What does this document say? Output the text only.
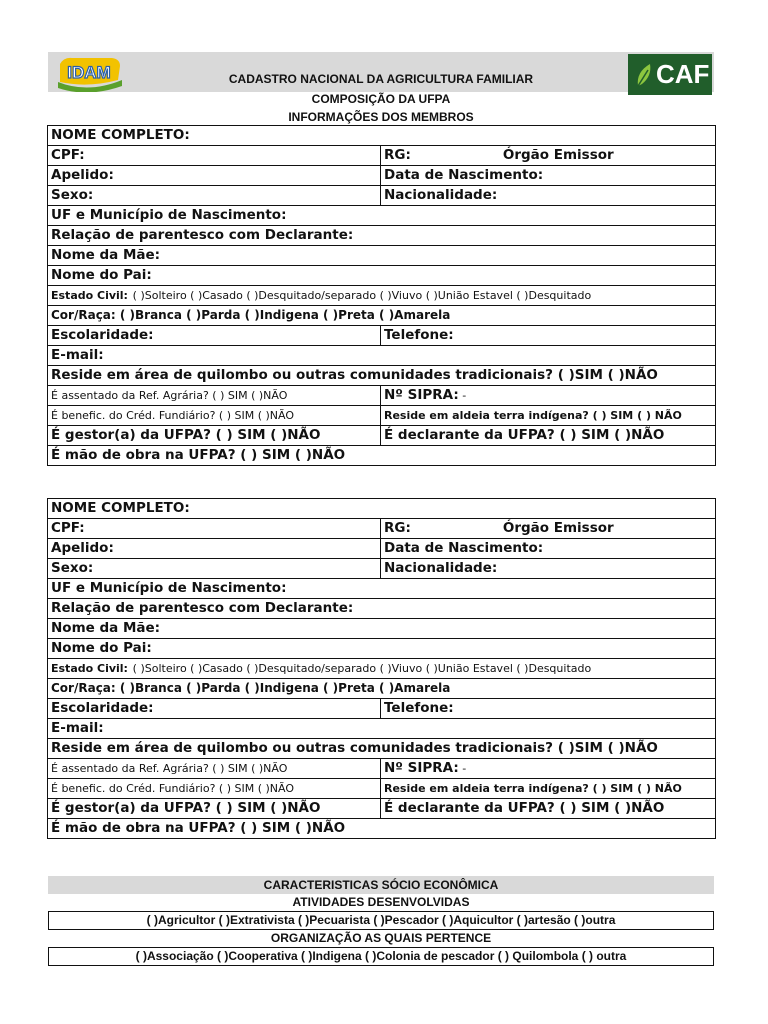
IDAM	CAF
CADASTRO NACIONAL DA AGRICULTURA FAMILIAR
COMPOSIÇÃO DA UFPA
INFORMAÇÕES DOS MEMBROS
NOME COMPLETO:	
CPF:	RG: Órgão Emissor
Apelido:	Data de Nascimento:
Sexo:	Nacionalidade:
UF e Município de Nascimento:	
Relação de parentesco com Declarante:	
Nome da Mãe:	
Nome do Pai:	
Estado Civil: ( )Solteiro ( )Casado ( )Desquitado/separado ( )Viuvo ( )União Estavel ( )Desquitado	
Cor/Raça: ( )Branca ( )Parda ( )Indigena ( )Preta ( )Amarela	
Escolaridade:	Telefone:
E-mail:	
Reside em área de quilombo ou outras comunidades tradicionais? ( )SIM ( )NÃO	
É assentado da Ref. Agrária? ( ) SIM ( )NÃO	Nº SIPRA: -
É benefic. do Créd. Fundiário? ( ) SIM ( )NÃO	Reside em aldeia terra indígena? ( ) SIM ( ) NÃO
É gestor(a) da UFPA? ( ) SIM ( )NÃO	É declarante da UFPA? ( ) SIM ( )NÃO
É mão de obra na UFPA? ( ) SIM ( )NÃO	
NOME COMPLETO:	
CPF:	RG: Órgão Emissor
Apelido:	Data de Nascimento:
Sexo:	Nacionalidade:
UF e Município de Nascimento:	
Relação de parentesco com Declarante:	
Nome da Mãe:	
Nome do Pai:	
Estado Civil: ( )Solteiro ( )Casado ( )Desquitado/separado ( )Viuvo ( )União Estavel ( )Desquitado	
Cor/Raça: ( )Branca ( )Parda ( )Indigena ( )Preta ( )Amarela	
Escolaridade:	Telefone:
E-mail:	
Reside em área de quilombo ou outras comunidades tradicionais? ( )SIM ( )NÃO	
É assentado da Ref. Agrária? ( ) SIM ( )NÃO	Nº SIPRA: -
É benefic. do Créd. Fundiário? ( ) SIM ( )NÃO	Reside em aldeia terra indígena? ( ) SIM ( ) NÃO
É gestor(a) da UFPA? ( ) SIM ( )NÃO	É declarante da UFPA? ( ) SIM ( )NÃO
É mão de obra na UFPA? ( ) SIM ( )NÃO	
CARACTERISTICAS SÓCIO ECONÔMICA
ATIVIDADES DESENVOLVIDAS
( )Agricultor ( )Extrativista ( )Pecuarista ( )Pescador ( )Aquicultor ( )artesão ( )outra
ORGANIZAÇÃO AS QUAIS PERTENCE
( )Associação ( )Cooperativa ( )Indigena ( )Colonia de pescador ( ) Quilombola ( ) outra
